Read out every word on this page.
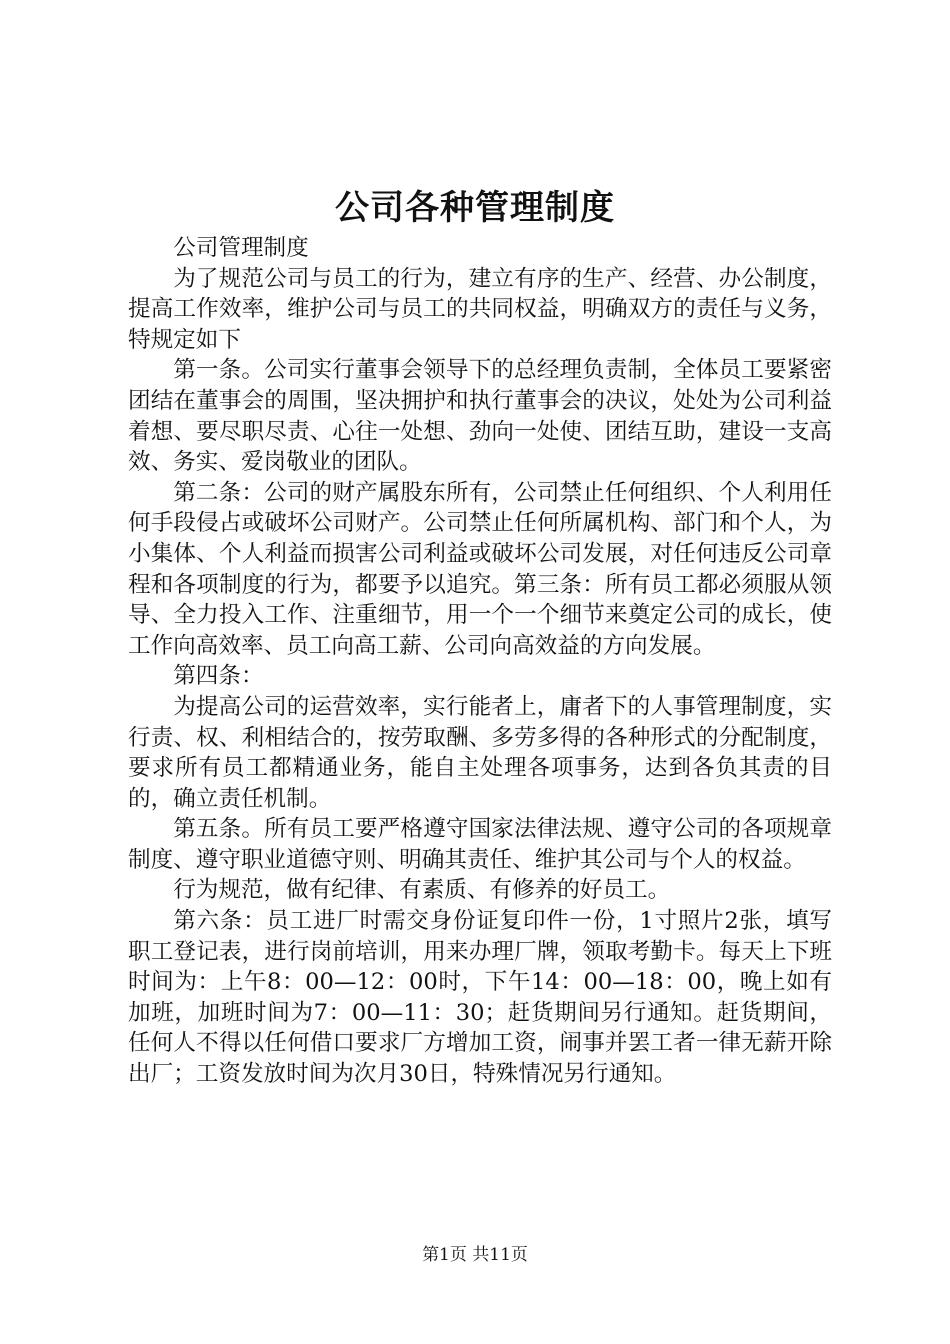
公司各种管理制度

公司管理制度

为了规范公司与员工的行为，建立有序的生产、经营、办公制度，提高工作效率，维护公司与员工的共同权益，明确双方的责任与义务，特规定如下

第一条。公司实行董事会领导下的总经理负责制，全体员工要紧密团结在董事会的周围，坚决拥护和执行董事会的决议，处处为公司利益着想、要尽职尽责、心往一处想、劲向一处使、团结互助，建设一支高效、务实、爱岗敬业的团队。

第二条：公司的财产属股东所有，公司禁止任何组织、个人利用任何手段侵占或破坏公司财产。公司禁止任何所属机构、部门和个人，为小集体、个人利益而损害公司利益或破坏公司发展，对任何违反公司章程和各项制度的行为，都要予以追究。第三条：所有员工都必须服从领导、全力投入工作、注重细节，用一个一个细节来奠定公司的成长，使工作向高效率、员工向高工薪、公司向高效益的方向发展。

第四条：

为提高公司的运营效率，实行能者上，庸者下的人事管理制度，实行责、权、利相结合的，按劳取酬、多劳多得的各种形式的分配制度，要求所有员工都精通业务，能自主处理各项事务，达到各负其责的目的，确立责任机制。

第五条。所有员工要严格遵守国家法律法规、遵守公司的各项规章制度、遵守职业道德守则、明确其责任、维护其公司与个人的权益。

行为规范，做有纪律、有素质、有修养的好员工。

第六条：员工进厂时需交身份证复印件一份，1寸照片2张，填写职工登记表，进行岗前培训，用来办理厂牌，领取考勤卡。每天上下班时间为：上午8：00—12：00时，下午14：00—18：00，晚上如有加班，加班时间为7：00—11：30；赶货期间另行通知。赶货期间，任何人不得以任何借口要求厂方增加工资，闹事并罢工者一律无薪开除出厂；工资发放时间为次月30日，特殊情况另行通知。

第1页 共11页
